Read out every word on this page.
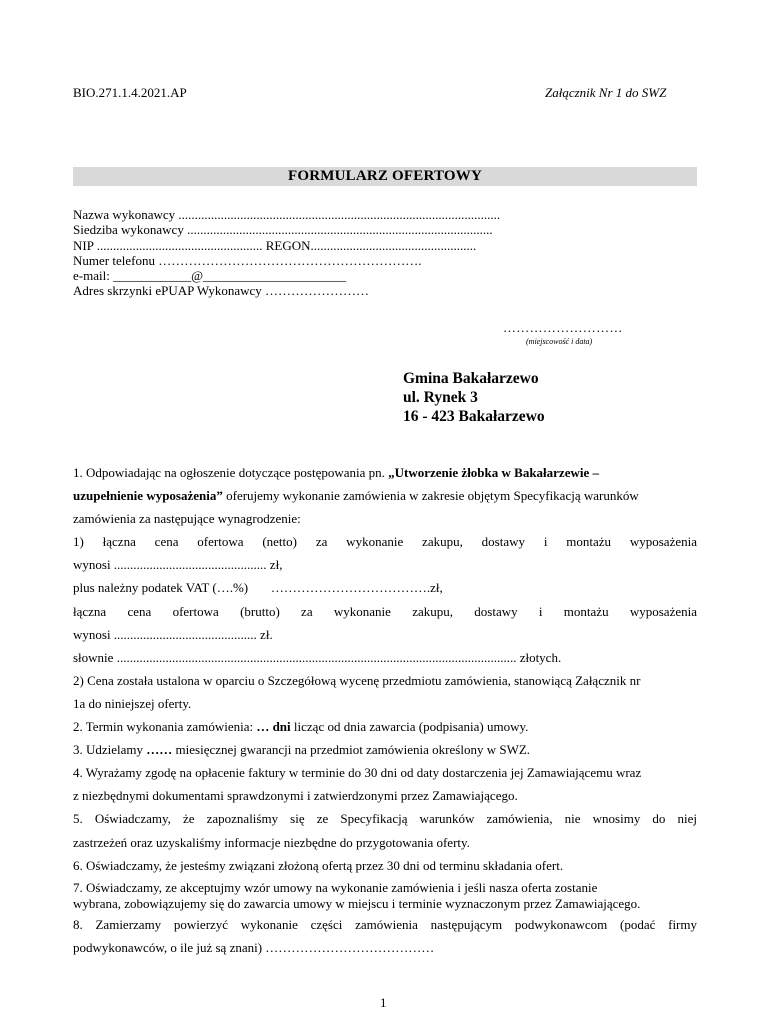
BIO.271.1.4.2021.AP	Załącznik Nr 1 do SWZ
FORMULARZ OFERTOWY
Nazwa wykonawcy ...................................................................................................
Siedziba wykonawcy ..............................................................................................
NIP ................................................... REGON...................................................
Numer telefonu …………………………………………………….
e-mail: ____________@______________________
Adres skrzynki ePUAP Wykonawcy ……………………
………………………
(miejscowość i data)
Gmina Bakałarzewo
ul. Rynek 3
16 - 423 Bakałarzewo
1. Odpowiadając na ogłoszenie dotyczące postępowania pn. „Utworzenie żłobka w Bakałarzewie –
uzupełnienie wyposażenia” oferujemy wykonanie zamówienia w zakresie objętym Specyfikacją warunków
zamówienia za następujące wynagrodzenie:
1) łączna cena ofertowa (netto) za wykonanie zakupu, dostawy i montażu wyposażenia
wynosi ............................................... zł,
plus należny podatek VAT (….%)       ……………………………….zł,
łączna cena ofertowa (brutto) za wykonanie zakupu, dostawy i montażu wyposażenia
wynosi ............................................ zł.
słownie ........................................................................................................................... złotych.
2) Cena została ustalona w oparciu o Szczegółową wycenę przedmiotu zamówienia, stanowiącą Załącznik nr
1a do niniejszej oferty.
2. Termin wykonania zamówienia: … dni licząc od dnia zawarcia (podpisania) umowy.
3. Udzielamy …… miesięcznej gwarancji na przedmiot zamówienia określony w SWZ.
4. Wyrażamy zgodę na opłacenie faktury w terminie do 30 dni od daty dostarczenia jej Zamawiającemu wraz
z niezbędnymi dokumentami sprawdzonymi i zatwierdzonymi przez Zamawiającego.
5. Oświadczamy, że zapoznaliśmy się ze Specyfikacją warunków zamówienia, nie wnosimy do niej
zastrzeżeń oraz uzyskaliśmy informacje niezbędne do przygotowania oferty.
6. Oświadczamy, że jesteśmy związani złożoną ofertą przez 30 dni od terminu składania ofert.
7. Oświadczamy, ze akceptujmy wzór umowy na wykonanie zamówienia i jeśli nasza oferta zostanie
wybrana, zobowiązujemy się do zawarcia umowy w miejscu i terminie wyznaczonym przez Zamawiającego.
8. Zamierzamy powierzyć wykonanie części zamówienia następującym podwykonawcom (podać firmy
podwykonawców, o ile już są znani) …………………………………
1
